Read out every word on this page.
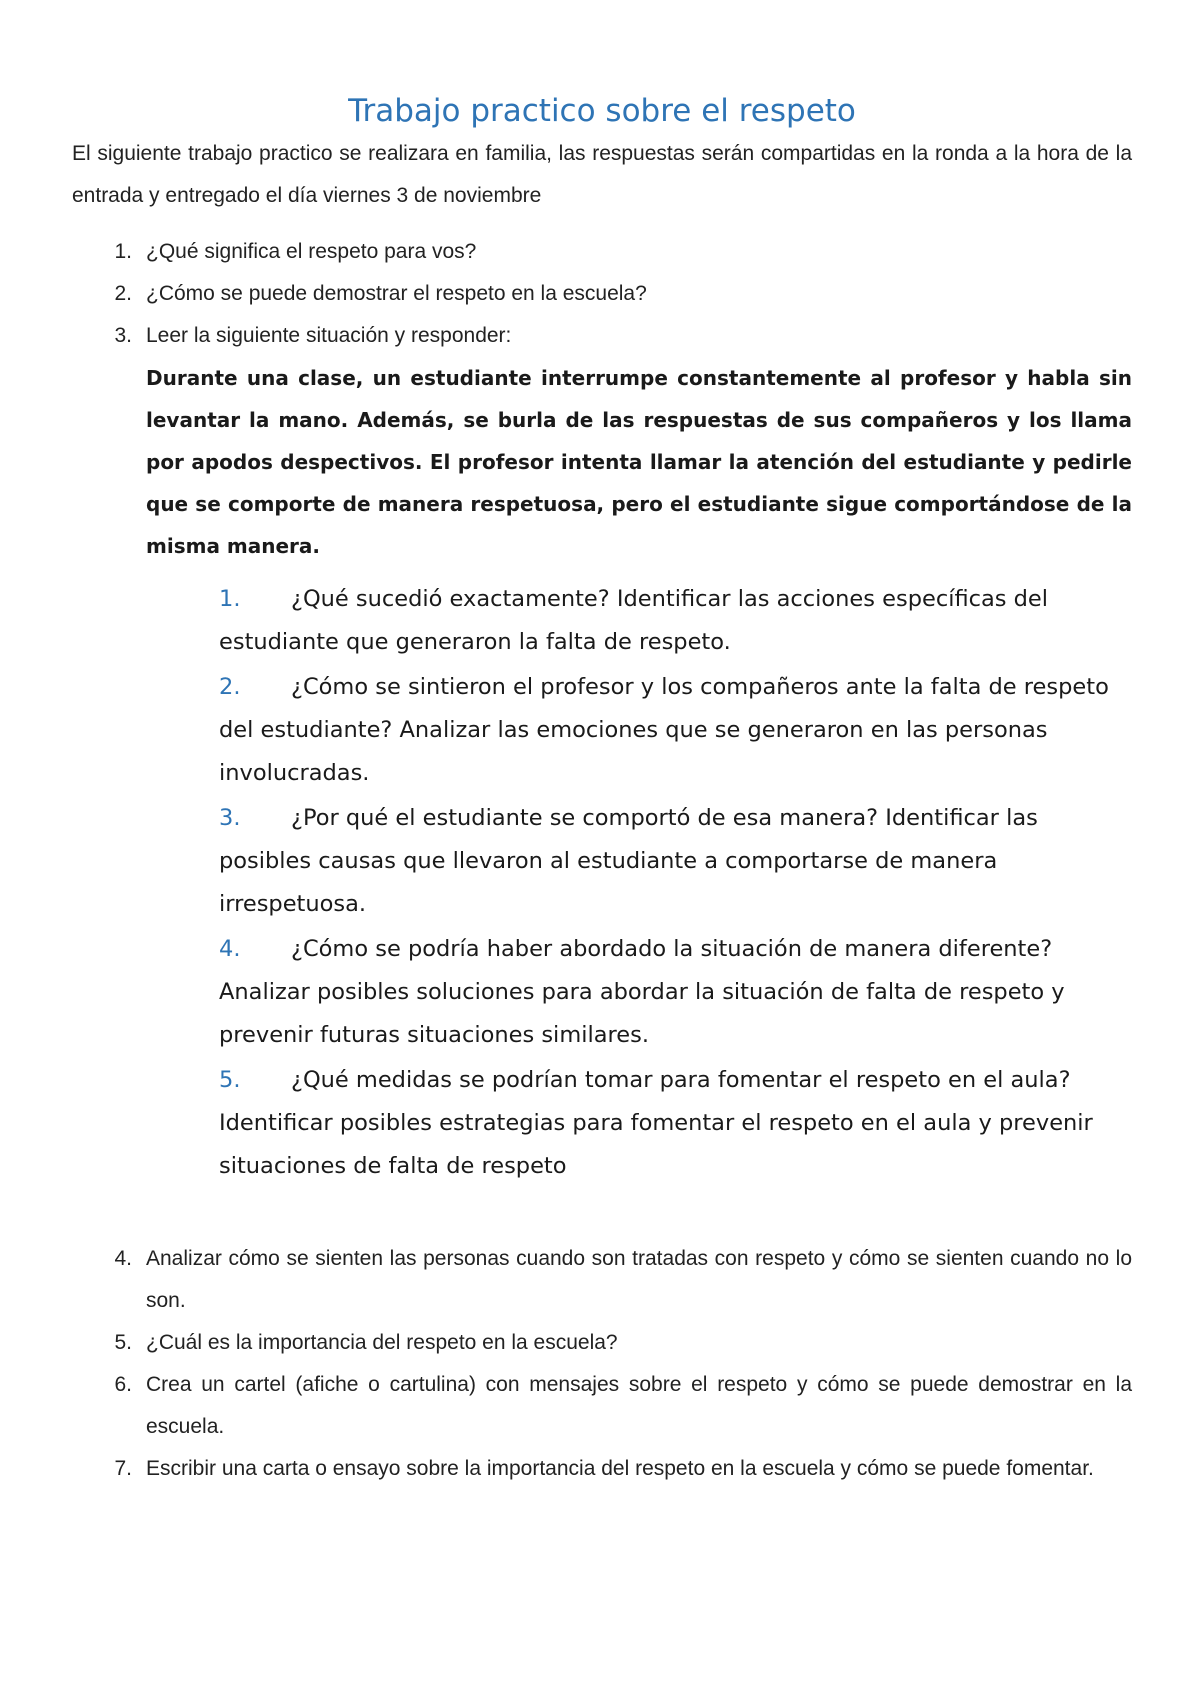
Trabajo practico sobre el respeto
El siguiente trabajo practico se realizara en familia, las respuestas serán compartidas en la ronda a la hora de la entrada y entregado el día viernes 3 de noviembre
1. ¿Qué significa el respeto para vos?
2. ¿Cómo se puede demostrar el respeto en la escuela?
3. Leer la siguiente situación y responder:
Durante una clase, un estudiante interrumpe constantemente al profesor y habla sin levantar la mano. Además, se burla de las respuestas de sus compañeros y los llama por apodos despectivos. El profesor intenta llamar la atención del estudiante y pedirle que se comporte de manera respetuosa, pero el estudiante sigue comportándose de la misma manera.
1. ¿Qué sucedió exactamente? Identificar las acciones específicas del estudiante que generaron la falta de respeto.
2. ¿Cómo se sintieron el profesor y los compañeros ante la falta de respeto del estudiante? Analizar las emociones que se generaron en las personas involucradas.
3. ¿Por qué el estudiante se comportó de esa manera? Identificar las posibles causas que llevaron al estudiante a comportarse de manera irrespetuosa.
4. ¿Cómo se podría haber abordado la situación de manera diferente? Analizar posibles soluciones para abordar la situación de falta de respeto y prevenir futuras situaciones similares.
5. ¿Qué medidas se podrían tomar para fomentar el respeto en el aula? Identificar posibles estrategias para fomentar el respeto en el aula y prevenir situaciones de falta de respeto
4. Analizar cómo se sienten las personas cuando son tratadas con respeto y cómo se sienten cuando no lo son.
5. ¿Cuál es la importancia del respeto en la escuela?
6. Crea un cartel (afiche o cartulina) con mensajes sobre el respeto y cómo se puede demostrar en la escuela.
7. Escribir una carta o ensayo sobre la importancia del respeto en la escuela y cómo se puede fomentar.
